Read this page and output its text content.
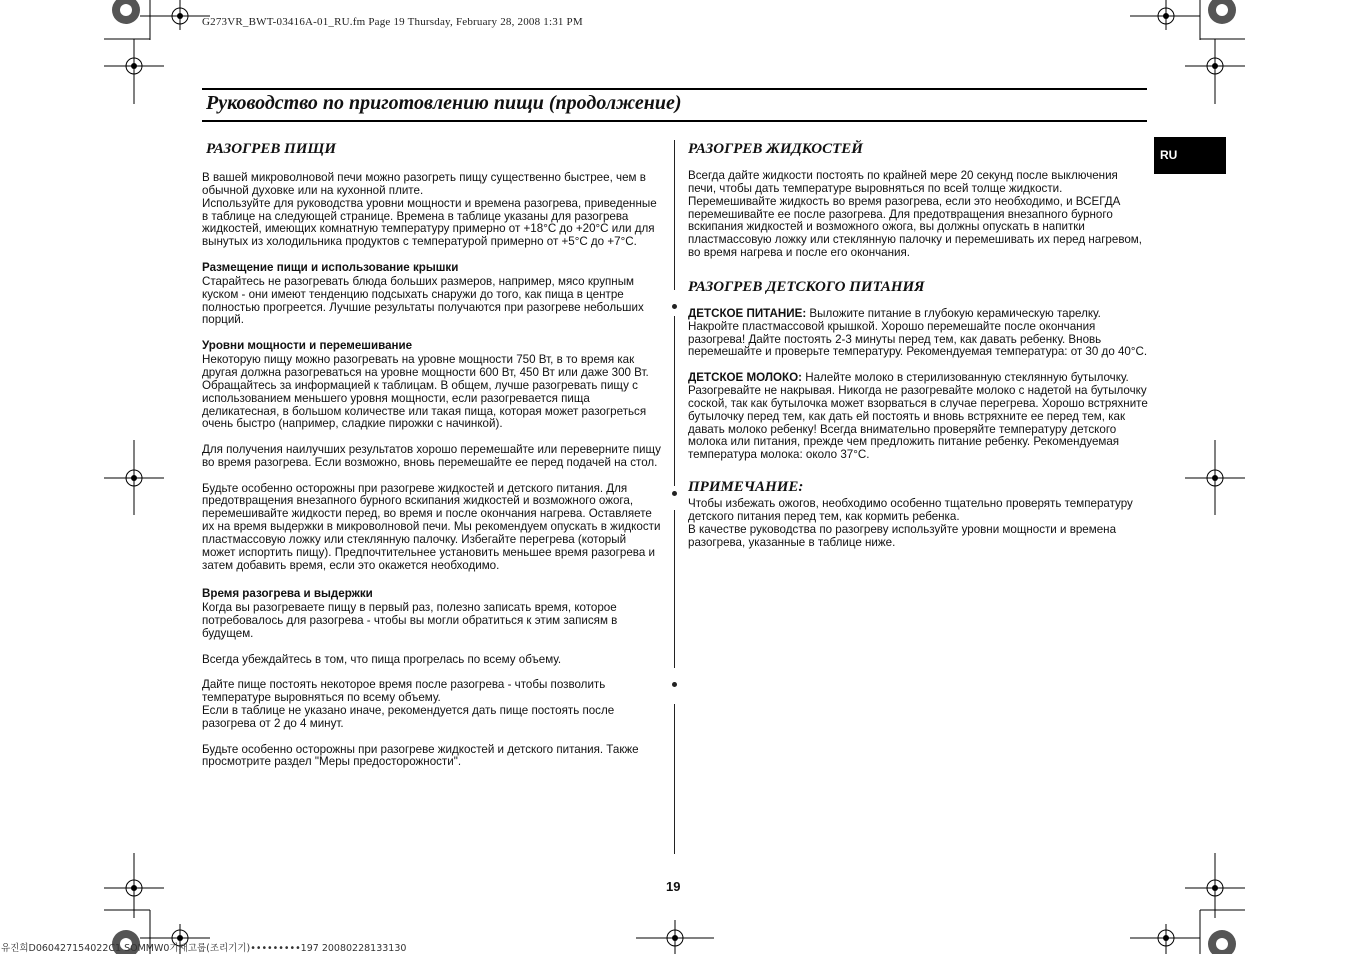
G273VR_BWT-03416A-01_RU.fm Page 19 Thursday, February 28, 2008 1:31 PM
Руководство по приготовлению пищи (продолжение)
RU
РАЗОГРЕВ ПИЩИ
В вашей микроволновой печи можно разогреть пищу существенно быстрее, чем в обычной духовке или на кухонной плите.
Используйте для руководства уровни мощности и времена разогрева, приведенные в таблице на следующей странице. Времена в таблице указаны для разогрева жидкостей, имеющих комнатную температуру примерно от +18°C до +20°C или для вынутых из холодильника продуктов с температурой примерно от +5°C до +7°C.
Размещение пищи и использование крышки
Старайтесь не разогревать блюда больших размеров, например, мясо крупным куском - они имеют тенденцию подсыхать снаружи до того, как пища в центре полностью прогреется. Лучшие результаты получаются при разогреве небольших порций.
Уровни мощности и перемешивание
Некоторую пищу можно разогревать на уровне мощности 750 Вт, в то время как другая должна разогреваться на уровне мощности 600 Вт, 450 Вт или даже 300 Вт.
Обращайтесь за информацией к таблицам. В общем, лучше разогревать пищу с использованием меньшего уровня мощности, если разогревается пища деликатесная, в большом количестве или такая пища, которая может разогреться очень быстро (например, сладкие пирожки с начинкой).
Для получения наилучших результатов хорошо перемешайте или переверните пищу во время разогрева. Если возможно, вновь перемешайте ее перед подачей на стол.
Будьте особенно осторожны при разогреве жидкостей и детского питания. Для предотвращения внезапного бурного вскипания жидкостей и возможного ожога, перемешивайте жидкости перед, во время и после окончания нагрева. Оставляете их на время выдержки в микроволновой печи. Мы рекомендуем опускать в жидкости пластмассовую ложку или стеклянную палочку. Избегайте перегрева (который может испортить пищу). Предпочтительнее установить меньшее время разогрева и затем добавить время, если это окажется необходимо.
Время разогрева и выдержки
Когда вы разогреваете пищу в первый раз, полезно записать время, которое потребовалось для разогрева - чтобы вы могли обратиться к этим записям в будущем.
Всегда убеждайтесь в том, что пища прогрелась по всему объему.
Дайте пище постоять некоторое время после разогрева - чтобы позволить температуре выровняться по всему объему.
Если в таблице не указано иначе, рекомендуется дать пище постоять после разогрева от 2 до 4 минут.
Будьте особенно осторожны при разогреве жидкостей и детского питания. Также просмотрите раздел "Меры предосторожности".
РАЗОГРЕВ ЖИДКОСТЕЙ
Всегда дайте жидкости постоять по крайней мере 20 секунд после выключения печи, чтобы дать температуре выровняться по всей толще жидкости. Перемешивайте жидкость во время разогрева, если это необходимо, и ВСЕГДА перемешивайте ее после разогрева. Для предотвращения внезапного бурного вскипания жидкостей и возможного ожога, вы должны опускать в напитки пластмассовую ложку или стеклянную палочку и перемешивать их перед нагревом, во время нагрева и после его окончания.
РАЗОГРЕВ ДЕТСКОГО ПИТАНИЯ
ДЕТСКОЕ ПИТАНИЕ: Выложите питание в глубокую керамическую тарелку. Накройте пластмассовой крышкой. Хорошо перемешайте после окончания разогрева! Дайте постоять 2-3 минуты перед тем, как давать ребенку. Вновь перемешайте и проверьте температуру. Рекомендуемая температура: от 30 до 40°C.
ДЕТСКОЕ МОЛОКО: Налейте молоко в стерилизованную стеклянную бутылочку. Разогревайте не накрывая. Никогда не разогревайте молоко с надетой на бутылочку соской, так как бутылочка может взорваться в случае перегрева. Хорошо встряхните бутылочку перед тем, как дать ей постоять и вновь встряхните ее перед тем, как давать молоко ребенку! Всегда внимательно проверяйте температуру детского молока или питания, прежде чем предложить питание ребенку. Рекомендуемая температура молока: около 37°C.
ПРИМЕЧАНИЕ:
Чтобы избежать ожогов, необходимо особенно тщательно проверять температуру детского питания перед тем, как кормить ребенка.
В качестве руководства по разогреву используйте уровни мощности и времена разогрева, указанные в таблице ниже.
19
유진희D060427154022C1 SOMMW0기재고룹(조리기기)•••••••••197 20080228133130
